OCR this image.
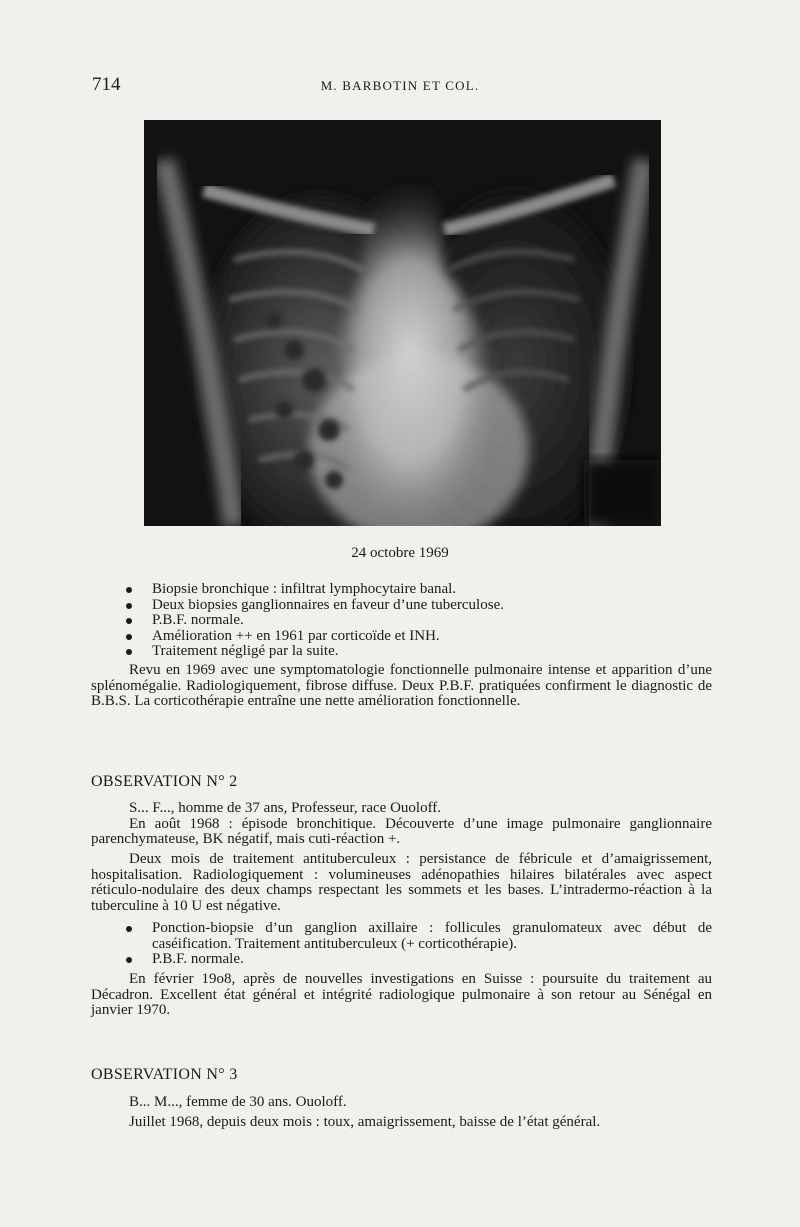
714	M. BARBOTIN ET COL.
24 octobre 1969
Biopsie bronchique : infiltrat lymphocytaire banal.
Deux biopsies ganglionnaires en faveur d’une tuberculose.
P.B.F. normale.
Amélioration ++ en 1961 par corticoïde et INH.
Traitement négligé par la suite.

Revu en 1969 avec une symptomatologie fonctionnelle pulmonaire intense et apparition d’une splénomégalie. Radiologiquement, fibrose diffuse. Deux P.B.F. pratiquées confirment le diagnostic de B.B.S. La corticothérapie entraîne une nette amélioration fonctionnelle.

OBSERVATION N° 2

S... F..., homme de 37 ans, Professeur, race Ouoloff.

En août 1968 : épisode bronchitique. Découverte d’une image pulmonaire ganglionnaire parenchymateuse, BK négatif, mais cuti-réaction +.

Deux mois de traitement antituberculeux : persistance de fébricule et d’amaigrissement, hospitalisation. Radiologiquement : volumineuses adénopathies hilaires bilatérales avec aspect réticulo-nodulaire des deux champs respectant les sommets et les bases. L’intradermo-réaction à la tuberculine à 10 U est négative.

Ponction-biopsie d’un ganglion axillaire : follicules granulomateux avec début de caséification. Traitement antituberculeux (+ corticothérapie).
P.B.F. normale.

En février 19o8, après de nouvelles investigations en Suisse : poursuite du traitement au Décadron. Excellent état général et intégrité radiologique pulmonaire à son retour au Sénégal en janvier 1970.

OBSERVATION N° 3

B... M..., femme de 30 ans. Ouoloff.

Juillet 1968, depuis deux mois : toux, amaigrissement, baisse de l’état général.
